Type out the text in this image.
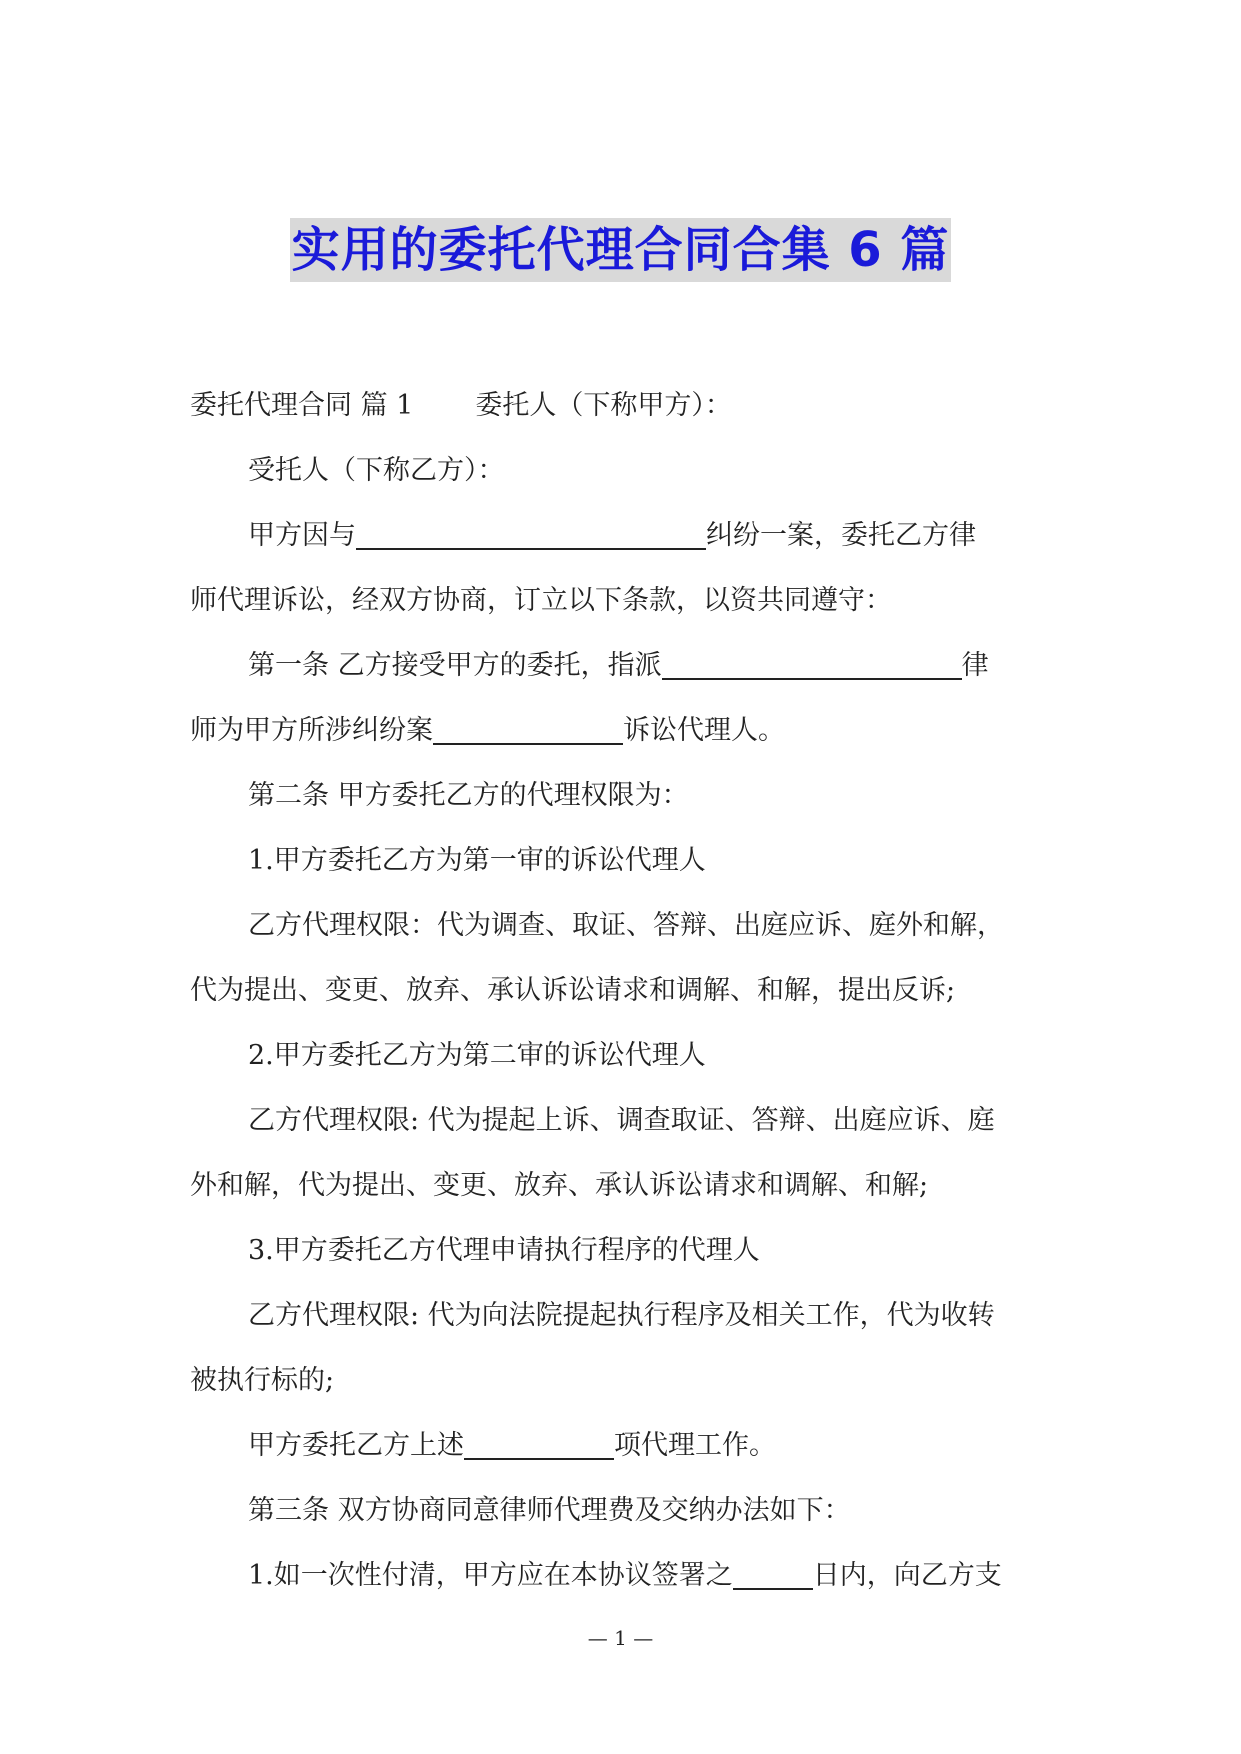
实用的委托代理合同合集 6 篇
委托代理合同 篇 1 委托人（下称甲方）：
受托人（下称乙方）：
甲方因与	纠纷一案，委托乙方律
师代理诉讼，经双方协商，订立以下条款，以资共同遵守：
第一条 乙方接受甲方的委托，指派	律
师为甲方所涉纠纷案	诉讼代理人。
第二条 甲方委托乙方的代理权限为：
1.甲方委托乙方为第一审的诉讼代理人
乙方代理权限：代为调查、取证、答辩、出庭应诉、庭外和解，
代为提出、变更、放弃、承认诉讼请求和调解、和解，提出反诉;
2.甲方委托乙方为第二审的诉讼代理人
乙方代理权限: 代为提起上诉、调查取证、答辩、出庭应诉、庭
外和解，代为提出、变更、放弃、承认诉讼请求和调解、和解;
3.甲方委托乙方代理申请执行程序的代理人
乙方代理权限: 代为向法院提起执行程序及相关工作，代为收转
被执行标的;
甲方委托乙方上述	项代理工作。
第三条 双方协商同意律师代理费及交纳办法如下：
1.如一次性付清，甲方应在本协议签署之	日内，向乙方支
— 1 —
